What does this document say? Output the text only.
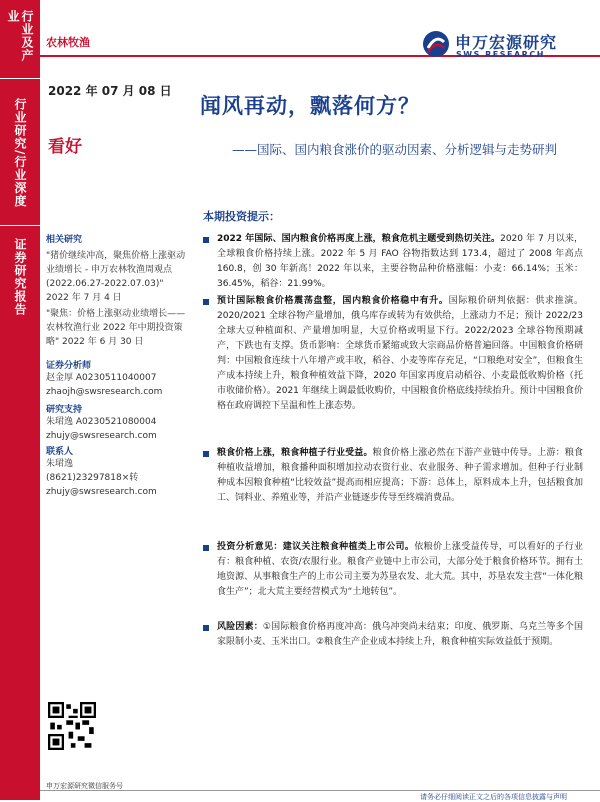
行业及产业
行业研究/行业深度
证券研究报告
农林牧渔
2022 年 07 月 08 日
看好
申万宏源研究
SWS RESEARCH
闻风再动，飘落何方？
——国际、国内粮食涨价的驱动因素、分析逻辑与走势研判
相关研究
"猪价继续冲高，聚焦价格上涨驱动业绩增长 - 申万农林牧渔周观点 (2022.06.27-2022.07.03)" 2022 年 7 月 4 日
"聚焦：价格上涨驱动业绩增长——农林牧渔行业 2022 年中期投资策略" 2022 年 6 月 30 日
证券分析师
赵金厚 A0230511040007
zhaojh@swsresearch.com
研究支持
朱珺逸 A0230521080004
zhujy@swsresearch.com
联系人
朱珺逸
(8621)23297818×转
zhujy@swsresearch.com
本期投资提示：
2022 年国际、国内粮食价格再度上涨，粮食危机主题受到热切关注。2020 年 7 月以来，全球粮食价格持续上涨。2022 年 5 月 FAO 谷物指数达到 173.4，超过了 2008 年高点 160.8，创 30 年新高！2022 年以来，主要谷物品种价格涨幅：小麦：66.14%；玉米：36.45%，稻谷：21.99%。
预计国际粮食价格震荡盘整，国内粮食价格稳中有升。国际粮价研判依据：供求推演。2020/2021 全球谷物产量增加，俄乌库存或转为有效供给，上涨动力不足；预计 2022/23 全球大豆种植面积、产量增加明显，大豆价格或明显下行。2022/2023 全球谷物预期减产，下跌也有支撑。货币影响：全球货币紧缩或致大宗商品价格普遍回落。中国粮食价格研判：中国粮食连续十八年增产或丰收，稻谷、小麦等库存充足，“口粮绝对安全”，但粮食生产成本持续上升，粮食种植效益下降，2020 年国家再度启动稻谷、小麦最低收购价格（托市收储价格）。2021 年继续上调最低收购价，中国粮食价格底线持续抬升。预计中国粮食价格在政府调控下呈温和性上涨态势。
粮食价格上涨，粮食种植子行业受益。粮食价格上涨必然在下游产业链中传导。上游：粮食种植收益增加，粮食播种面积增加拉动农资行业、农业服务、种子需求增加。但种子行业制种成本因粮食种植“比较效益”提高而相应提高；下游：总体上，原料成本上升，包括粮食加工、饲料业、养殖业等，并沿产业链逐步传导至终端消费品。
投资分析意见：建议关注粮食种植类上市公司。依粮价上涨受益传导，可以看好的子行业有：粮食种植、农资/农服行业。粮食产业链中上市公司，大部分处于粮食价格环节。拥有土地资源、从事粮食生产的上市公司主要为苏垦农发、北大荒。其中，苏垦农发主营“一体化粮食生产”；北大荒主要经营模式为“土地转包”。
风险因素：①国际粮食价格再度冲高：俄乌冲突尚未结束；印度、俄罗斯、乌克兰等多个国家限制小麦、玉米出口。②粮食生产企业成本持续上升，粮食种植实际效益低于预期。
申万宏源研究微信服务号
请务必仔细阅读正文之后的各项信息披露与声明
